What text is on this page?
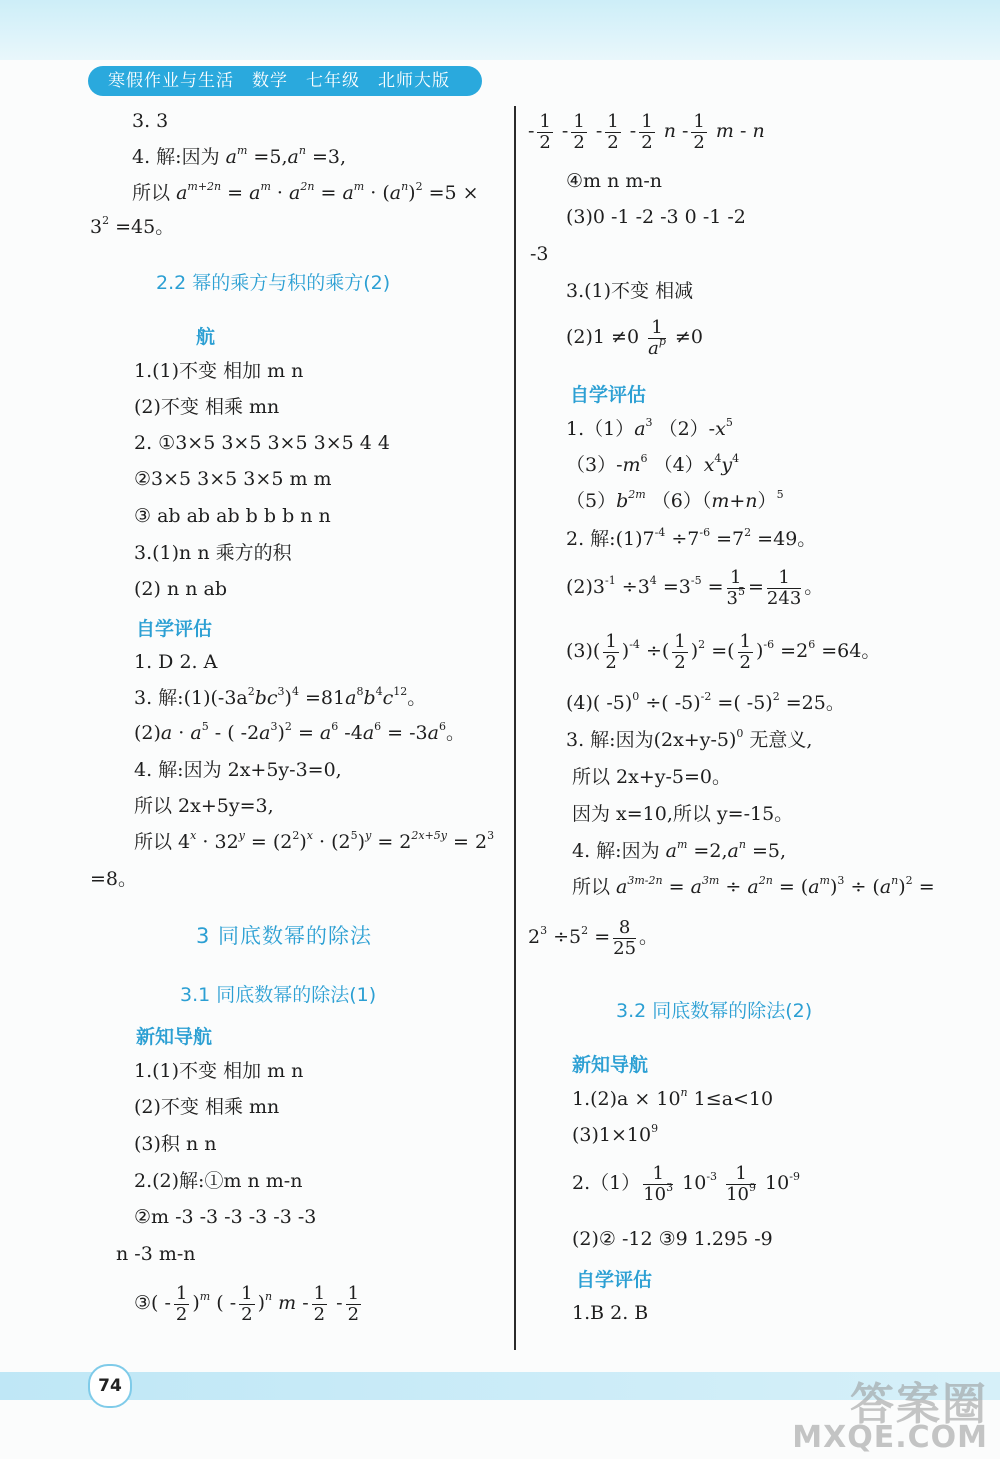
寒假作业与生活 数学 七年级 北师大版
3. 3
4. 解:因为 $a^m =5,a^n =3$,
所以 $a^{m+2n} = a^m \cdot a^{2n} = a^m \cdot (a^n)^2 =5$ ×
$3^2 =45$。
2.2 幂的乘方与积的乘方(2)
航
1.(1)不变 相加 m n
(2)不变 相乘 mn
2. ①3×5 3×5 3×5 3×5 4 4
②3×5 3×5 3×5 m m
③ ab ab ab b b b n n
3.(1)n n 乘方的积
(2) n n ab
自学评估
1. D 2. A
3. 解$:(1)(-3a^2bc^3)^4 =81a^8b^4c^{12}$。
$(2)a \cdot a^5$ - ( $-2a^3)^2 = a^6$ $-4a^6 = -3a^6$。
4. 解:因为 2x+5y-3=0,
所以 2x+5y=3,
所以 $4^x \cdot 32^y = (2^2)^x \cdot (2^5)^y = 2^{2x+5y} = 2^3$
=8。
3 同底数幂的除法
3.1 同底数幂的除法(1)
新知导航
1.(1)不变 相加 m n
(2)不变 相乘 mn
(3)积 n n
2.(2)解:①m n m-n
②m -3 -3 -3 -3 -3 -3
n -3 m-n
③( - $\frac{1}{2} )^m$ ( - $\frac{1}{2} )^n$ m - $\frac{1}{2} - \frac{1}{2}$
- $\frac{1}{2} - \frac{1}{2} - \frac{1}{2} - \frac{1}{2}$ n - $\frac{1}{2}$ m - n
④m n m-n
(3)0 -1 -2 -3 0 -1 -2
-3
3.(1)不变 相减
$(2)1 \ne 0 \frac{1}{a^p} \ne 0$
自学评估
$1.(1)a^3$ $(2)-x^5$
$(3)-m^6$ $(4)x^4y^4$
$(5)b^{2m}$ $(6)(m+n)^5$
2. 解$:(1)7^{-4} \div 7^{-6} =7^2 =49$。
$(2)3^{-1} \div 3^4 =3^{-5} = \frac{1}{3^5} = \frac{1}{243}$ 。
$(3)( \frac{1}{2} )^{-4}$ ÷( $\frac{1}{2} )^2$ =( $\frac{1}{2} )^{-6} =2^6 =64$。
(4)( -5)$^0$ ÷( -5)$^{-2}$ =( -5)$^2$ =25。
3. 解:因为$(2x+y-5)^0$ 无意义,
所以 2x+y-5=0。
因为 x=10,所以 y=-15。
4. 解:因为 $a^m =2,a^n =5$,
所以 $a^{3m-2n} = a^{3m} \div a^{2n} = (a^m)^3 \div (a^n)^2$ =
$2^3 \div 5^2 = \frac{8}{25}$ 。
3.2 同底数幂的除法(2)
新知导航
$1.(2)a \times 10^n$ 1≤a<10
$(3)1\times 10^9$
$2.(1) \frac{1}{10^3} 10^{-3} \frac{1}{10^9} 10^{-9}$
(2)② -12 ③9 1.295 -9
自学评估
1.B 2. B
74	答案圈
MXQE.COM
